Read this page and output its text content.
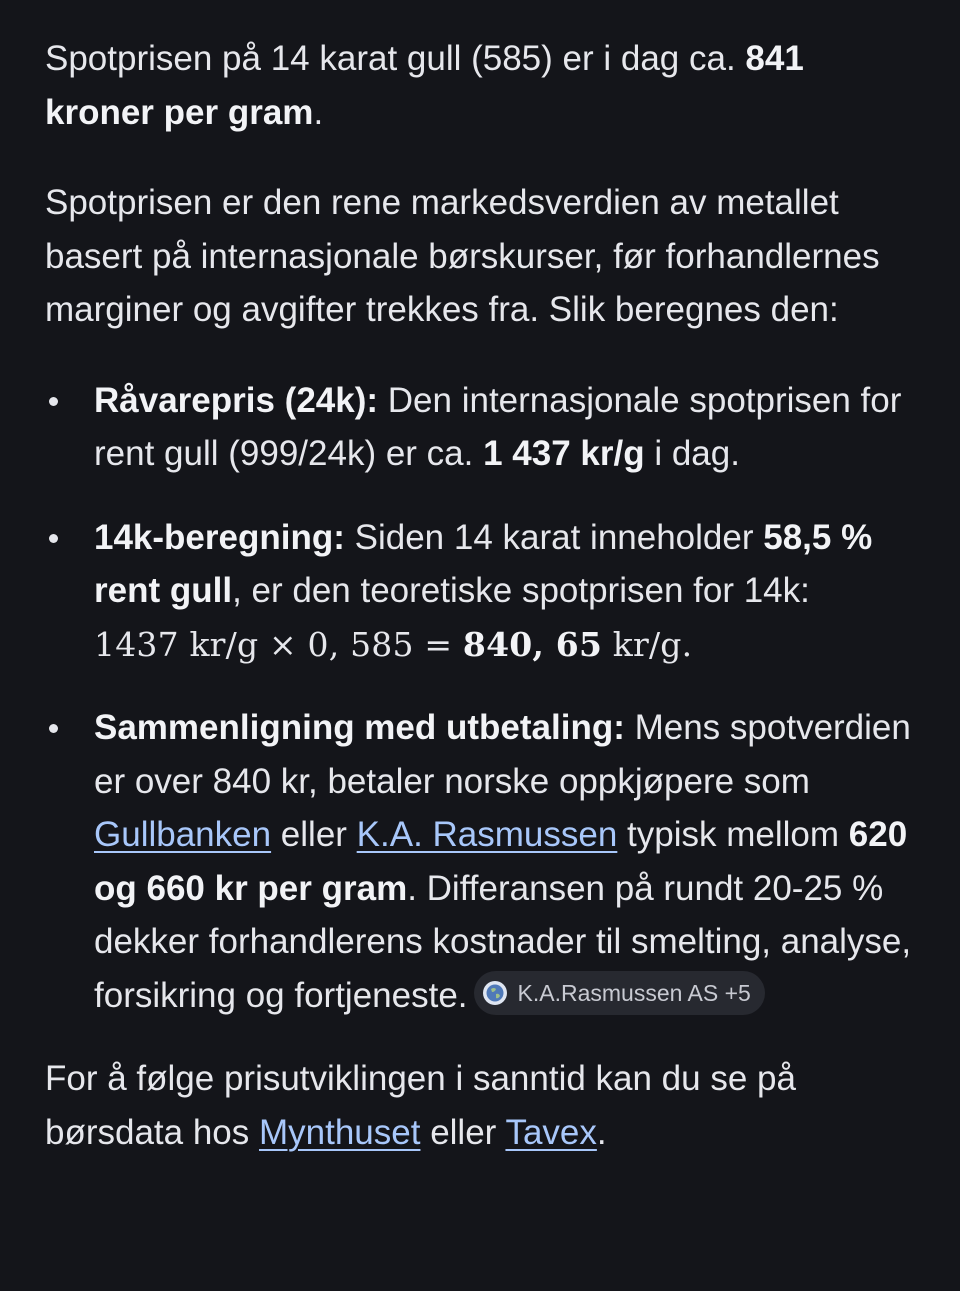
Spotprisen på 14 karat gull (585) er i dag ca. 841 kroner per gram.

Spotprisen er den rene markedsverdien av metallet basert på internasjonale børskurser, før forhandlernes marginer og avgifter trekkes fra. Slik beregnes den:

Råvarepris (24k): Den internasjonale spotprisen for rent gull (999/24k) er ca. 1 437 kr/g i dag.
14k-beregning: Siden 14 karat inneholder 58,5 % rent gull, er den teoretiske spotprisen for 14k:
1437 kr/g × 0, 585 = 840, 65 kr/g.
Sammenligning med utbetaling: Mens spotverdien er over 840 kr, betaler norske oppkjøpere som Gullbanken eller K.A. Rasmussen typisk mellom 620 og 660 kr per gram. Differansen på rundt 20-25 % dekker forhandlerens kostnader til smelting, analyse, forsikring og fortjeneste. K.A.Rasmussen AS +5

For å følge prisutviklingen i sanntid kan du se på børsdata hos Mynthuset eller Tavex.
